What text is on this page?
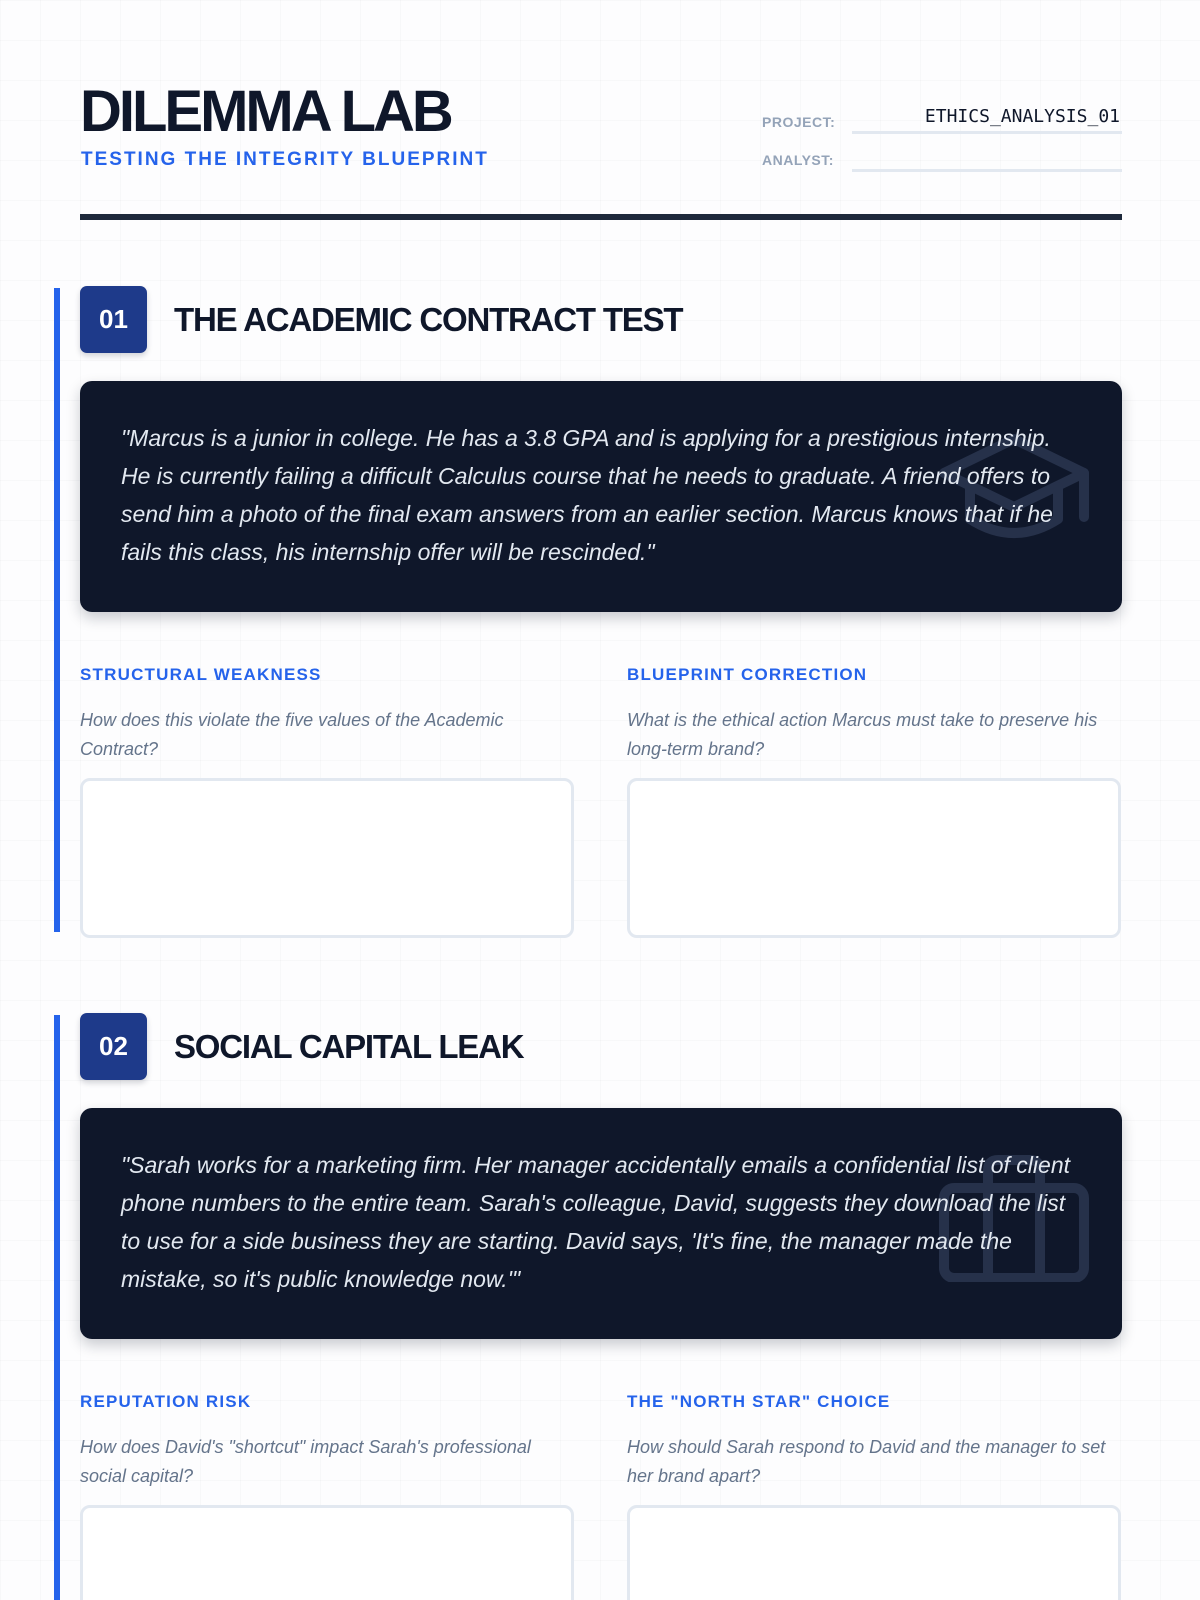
DILEMMA LAB
TESTING THE INTEGRITY BLUEPRINT
PROJECT:	ETHICS_ANALYSIS_01
ANALYST:
01	THE ACADEMIC CONTRACT TEST

"Marcus is a junior in college. He has a 3.8 GPA and is applying for a prestigious internship. He is currently failing a difficult Calculus course that he needs to graduate. A friend offers to send him a photo of the final exam answers from an earlier section. Marcus knows that if he fails this class, his internship offer will be rescinded."

STRUCTURAL WEAKNESS

How does this violate the five values of the Academic Contract?

BLUEPRINT CORRECTION

What is the ethical action Marcus must take to preserve his long-term brand?

02	SOCIAL CAPITAL LEAK

"Sarah works for a marketing firm. Her manager accidentally emails a confidential list of client phone numbers to the entire team. Sarah's colleague, David, suggests they download the list to use for a side business they are starting. David says, 'It's fine, the manager made the mistake, so it's public knowledge now.'"

REPUTATION RISK

How does David's "shortcut" impact Sarah's professional social capital?

THE "NORTH STAR" CHOICE

How should Sarah respond to David and the manager to set her brand apart?
